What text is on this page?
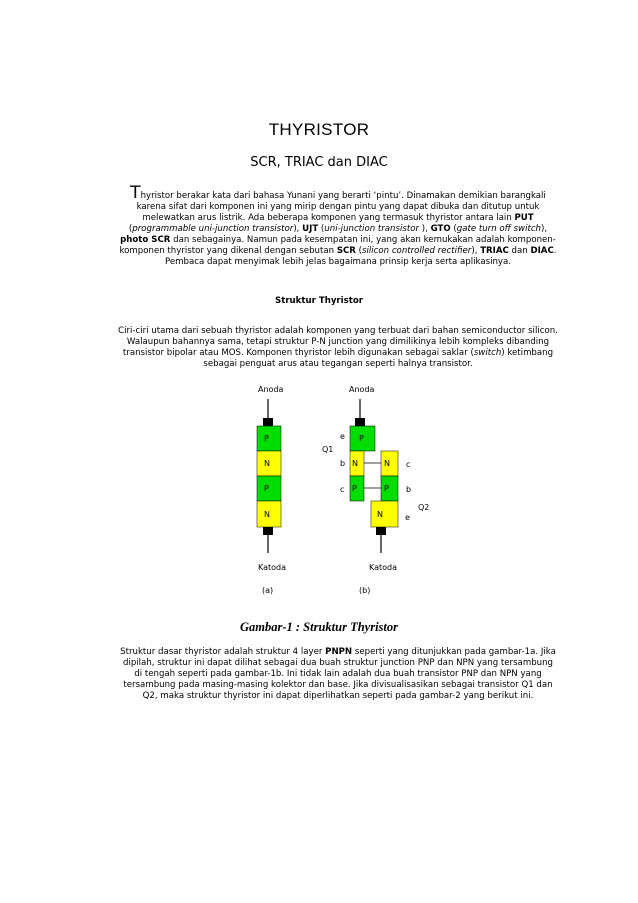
THYRISTOR
SCR, TRIAC dan DIAC
Thyristor berakar kata dari bahasa Yunani yang berarti ‘pintu’. Dinamakan demikian barangkali karena sifat dari komponen ini yang mirip dengan pintu yang dapat dibuka dan ditutup untuk melewatkan arus listrik. Ada beberapa komponen yang termasuk thyristor antara lain PUT (programmable uni-junction transistor), UJT (uni-junction transistor ), GTO (gate turn off switch), photo SCR dan sebagainya. Namun pada kesempatan ini, yang akan kemukakan adalah komponen-komponen thyristor yang dikenal dengan sebutan SCR (silicon controlled rectifier), TRIAC dan DIAC. Pembaca dapat menyimak lebih jelas bagaimana prinsip kerja serta aplikasinya.
Struktur Thyristor
Ciri-ciri utama dari sebuah thyristor adalah komponen yang terbuat dari bahan semiconductor silicon. Walaupun bahannya sama, tetapi struktur P-N junction yang dimilikinya lebih kompleks dibanding transistor bipolar atau MOS. Komponen thyristor lebih digunakan sebagai saklar (switch) ketimbang sebagai penguat arus atau tegangan seperti halnya transistor.
Anoda
P
N
P
N
Katoda
(a)
Anoda
P
N
P
N
P
N
Katoda
(b)
e
b
c
c
b
e
Q1
Q2
Gambar-1 : Struktur Thyristor
Struktur dasar thyristor adalah struktur 4 layer PNPN seperti yang ditunjukkan pada gambar-1a. Jika dipilah, struktur ini dapat dilihat sebagai dua buah struktur junction PNP dan NPN yang tersambung di tengah seperti pada gambar-1b. Ini tidak lain adalah dua buah transistor PNP dan NPN yang tersambung pada masing-masing kolektor dan base. Jika divisualisasikan sebagai transistor Q1 dan Q2, maka struktur thyristor ini dapat diperlihatkan seperti pada gambar-2 yang berikut ini.
